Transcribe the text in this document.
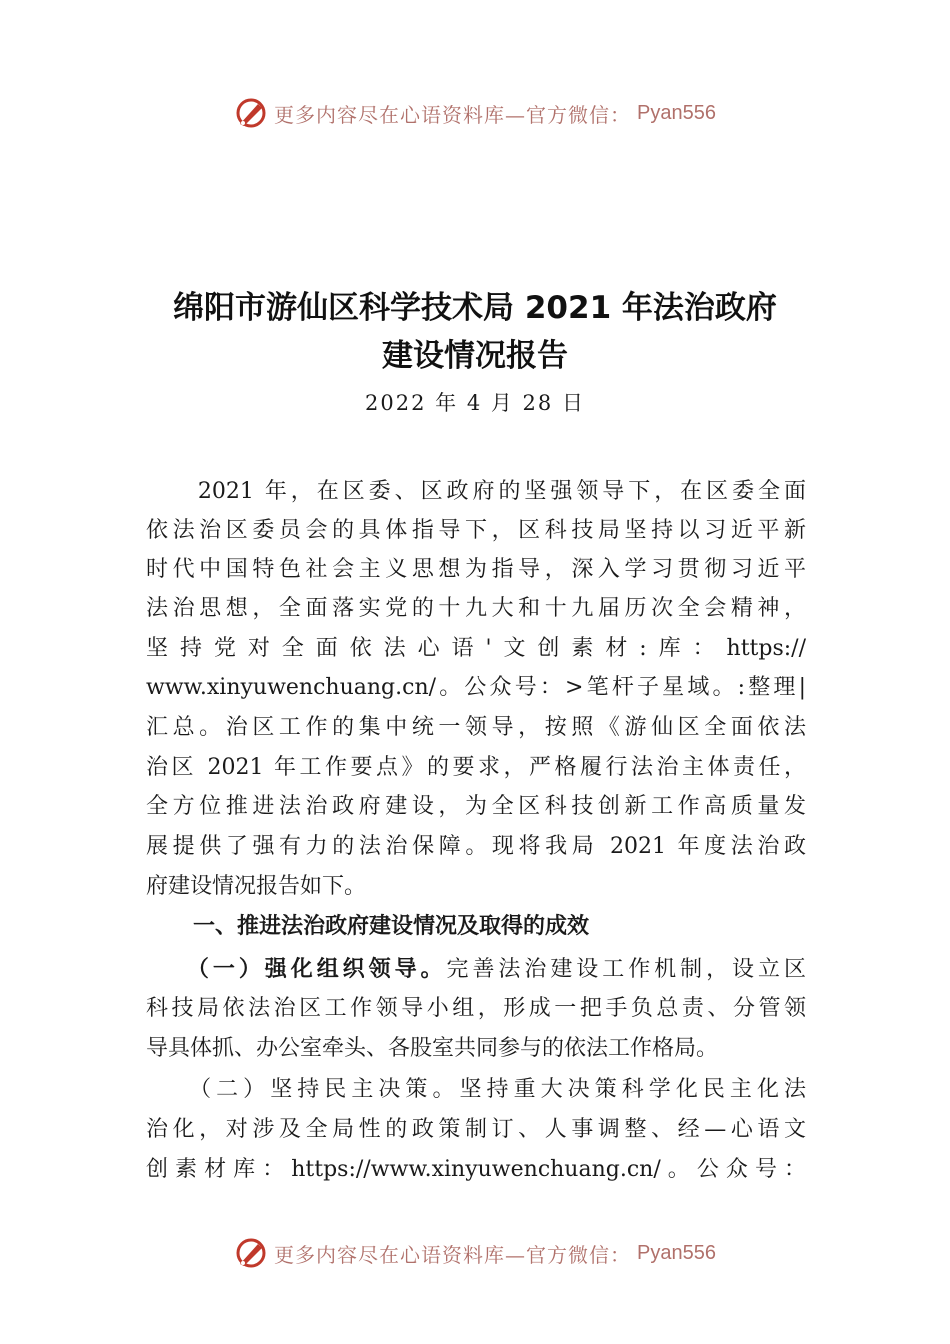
更多内容尽在心语资料库—官方微信： Pyan556
绵阳市游仙区科学技术局 2021 年法治政府
建设情况报告
2022 年 4 月 28 日
　　2021 年，在区委、区政府的坚强领导下，在区委全面
依法治区委员会的具体指导下，区科技局坚持以习近平新
时代中国特色社会主义思想为指导，深入学习贯彻习近平
法治思想，全面落实党的十九大和十九届历次全会精神，
坚持党对全面依法心语'文创素材:库：https://
www.xinyuwenchuang.cn/。公众号：>笔杆子星域。:整理|
汇总。治区工作的集中统一领导，按照《游仙区全面依法
治区 2021 年工作要点》的要求，严格履行法治主体责任，
全方位推进法治政府建设，为全区科技创新工作高质量发
展提供了强有力的法治保障。现将我局 2021 年度法治政
府建设情况报告如下。
一、推进法治政府建设情况及取得的成效
　　（一）强化组织领导。完善法治建设工作机制，设立区
科技局依法治区工作领导小组，形成一把手负总责、分管领
导具体抓、办公室牵头、各股室共同参与的依法工作格局。
　　（二）坚持民主决策。坚持重大决策科学化民主化法
治化，对涉及全局性的政策制订、人事调整、经—心语文
创素材库：https://www.xinyuwenchuang.cn/。公众号：
更多内容尽在心语资料库—官方微信： Pyan556
